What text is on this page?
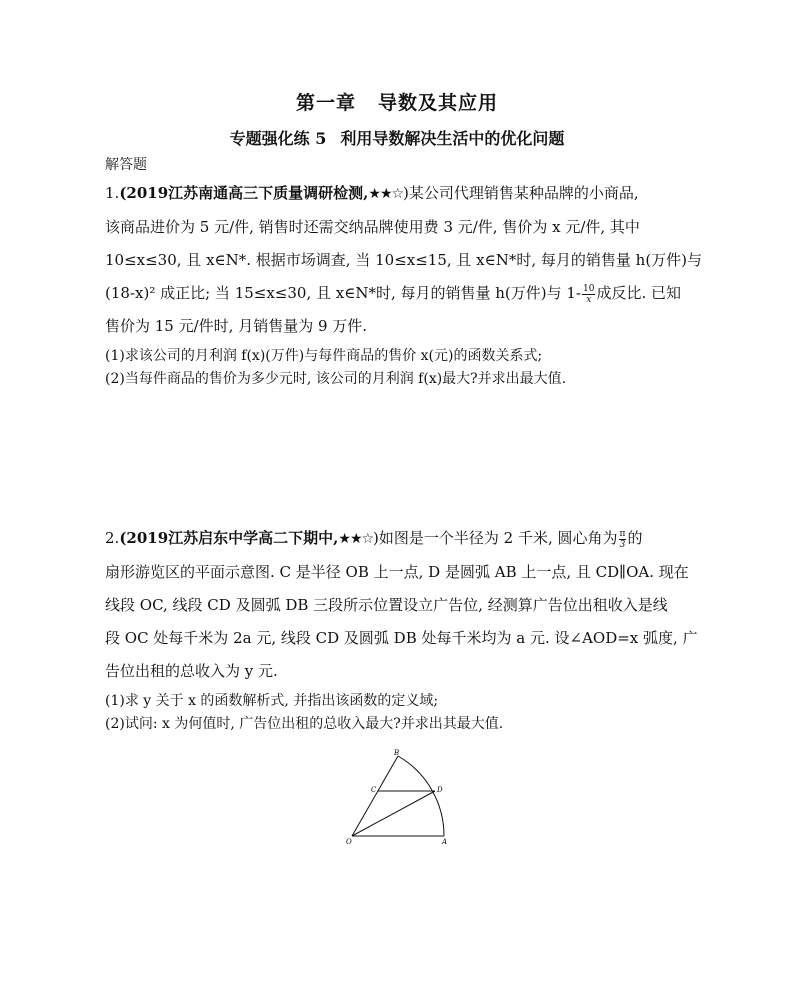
第一章 导数及其应用
专题强化练 5 利用导数解决生活中的优化问题
解答题
1.(2019江苏南通高三下质量调研检测,★★☆)某公司代理销售某种品牌的小商品,
该商品进价为 5 元/件, 销售时还需交纳品牌使用费 3 元/件, 售价为 x 元/件, 其中
10≤x≤30, 且 x∈N*. 根据市场调查, 当 10≤x≤15, 且 x∈N*时, 每月的销售量 h(万件)与
(18-x)² 成正比; 当 15≤x≤30, 且 x∈N*时, 每月的销售量 h(万件)与 $1- \frac{10}{x}$ 成反比. 已知
售价为 15 元/件时, 月销售量为 9 万件.
(1)求该公司的月利润 f(x)(万件)与每件商品的售价 x(元)的函数关系式;
(2)当每件商品的售价为多少元时, 该公司的月利润 f(x)最大?并求出最大值.
2.(2019江苏启东中学高二下期中,★★☆)如图是一个半径为 2 千米, 圆心角为 $\frac{\pi}{3}$ 的
扇形游览区的平面示意图. C 是半径 OB 上一点, D 是圆弧 AB 上一点, 且 CD∥OA. 现在
线段 OC, 线段 CD 及圆弧 DB 三段所示位置设立广告位, 经测算广告位出租收入是线
段 OC 处每千米为 2a 元, 线段 CD 及圆弧 DB 处每千米均为 a 元. 设∠AOD=x 弧度, 广
告位出租的总收入为 y 元.
(1)求 y 关于 x 的函数解析式, 并指出该函数的定义域;
(2)试问: x 为何值时, 广告位出租的总收入最大?并求出其最大值.
B
C	D
O	A
